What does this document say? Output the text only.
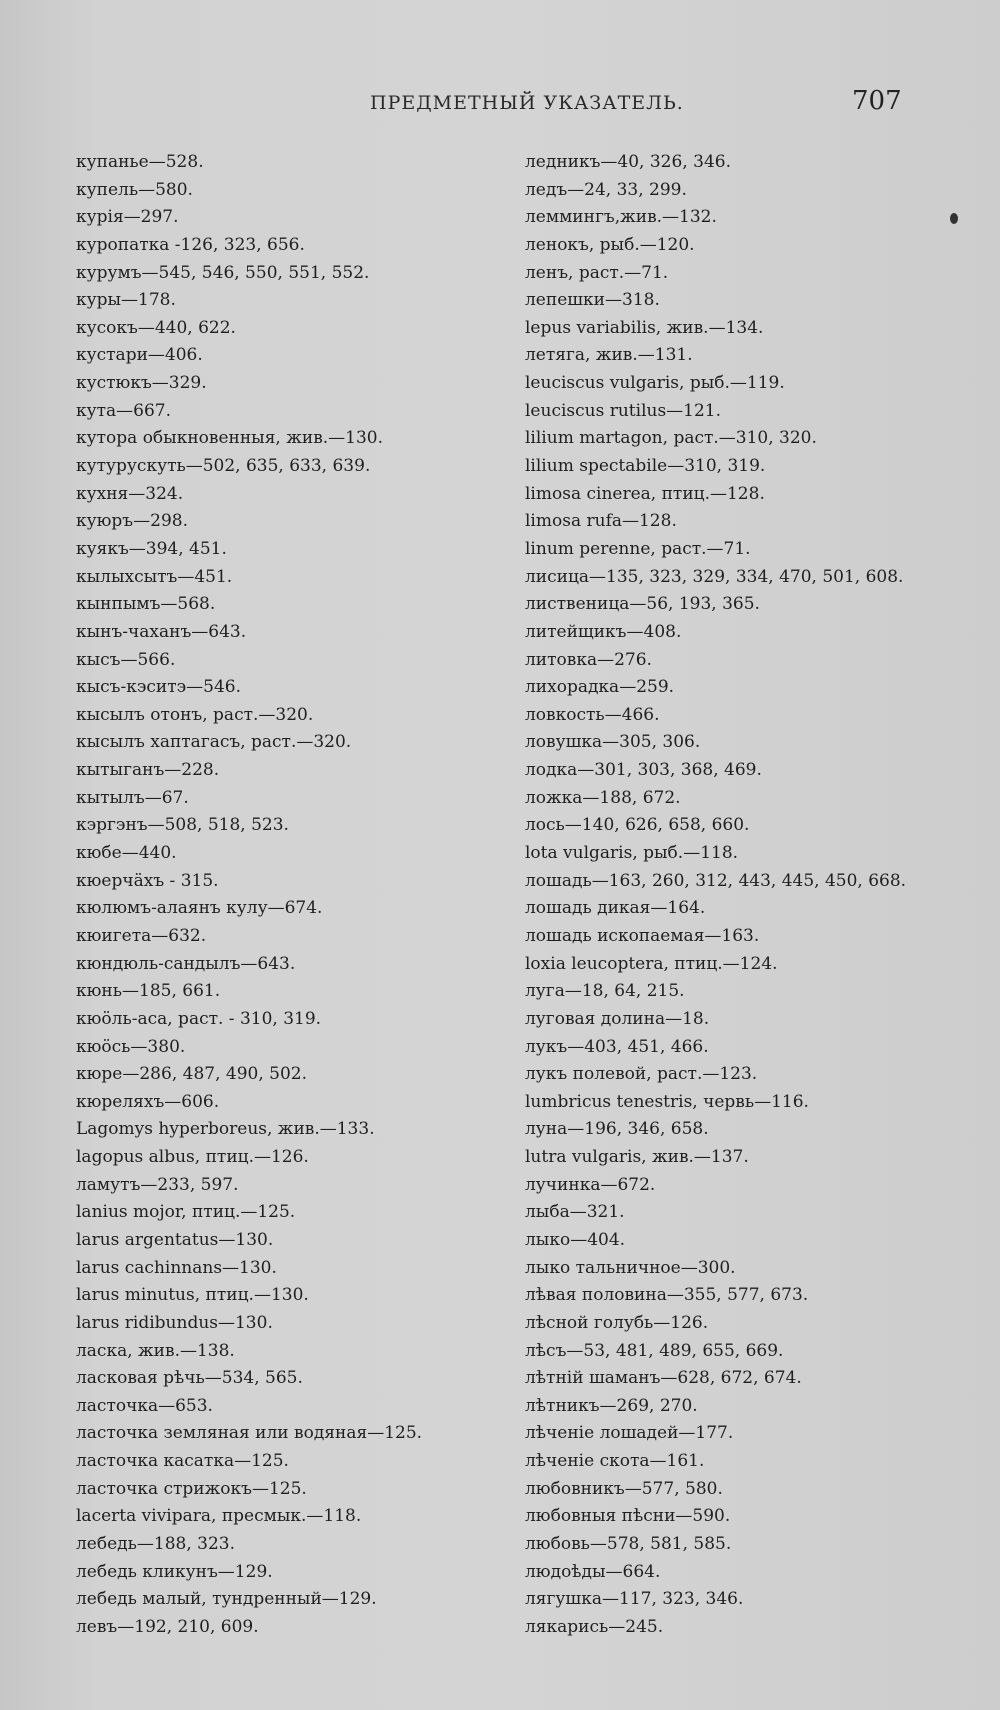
ПРЕДМЕТНЫЙ УКАЗАТЕЛЬ.	707
купанье—528.
купель—580.
курія—297.
куропатка -126, 323, 656.
курумъ—545, 546, 550, 551, 552.
куры—178.
кусокъ—440, 622.
кустари—406.
кустюкъ—329.
кута—667.
кутора обыкновенныя, жив.—130.
кутурускуть—502, 635, 633, 639.
кухня—324.
куюръ—298.
куякъ—394, 451.
кылыхсытъ—451.
кынпымъ—568.
кынъ-чаханъ—643.
кысъ—566.
кысъ-кэситэ—546.
кысылъ отонъ, раст.—320.
кысылъ хаптагасъ, раст.—320.
кытыганъ—228.
кытылъ—67.
кэргэнъ—508, 518, 523.
кюбе—440.
кюерчäхъ - 315.
кюлюмъ-алаянъ кулу—674.
кюигета—632.
кюндюль-сандылъ—643.
кюнь—185, 661.
кюöль-аса, раст. - 310, 319.
кюöсь—380.
кюре—286, 487, 490, 502.
кюреляхъ—606.
Lagomys hyperboreus, жив.—133.
lagopus albus, птиц.—126.
ламутъ—233, 597.
lanius mojor, птиц.—125.
larus argentatus—130.
larus cachinnans—130.
larus minutus, птиц.—130.
larus ridibundus—130.
ласка, жив.—138.
ласковая рѣчь—534, 565.
ласточка—653.
ласточка земляная или водяная—125.
ласточка касатка—125.
ласточка стрижокъ—125.
lacerta vivipara, пресмык.—118.
лебедь—188, 323.
лебедь кликунъ—129.
лебедь малый, тундренный—129.
левъ—192, 210, 609.
ледникъ—40, 326, 346.
ледъ—24, 33, 299.
леммингъ,жив.—132.
ленокъ, рыб.—120.
ленъ, раст.—71.
лепешки—318.
lepus variabilis, жив.—134.
летяга, жив.—131.
leuciscus vulgaris, рыб.—119.
leuciscus rutilus—121.
lilium martagon, раст.—310, 320.
lilium spectabile—310, 319.
limosa cinerea, птиц.—128.
limosa rufa—128.
linum perenne, раст.—71.
лисица—135, 323, 329, 334, 470, 501, 608.
лиственица—56, 193, 365.
литейщикъ—408.
литовка—276.
лихорадка—259.
ловкость—466.
ловушка—305, 306.
лодка—301, 303, 368, 469.
ложка—188, 672.
лось—140, 626, 658, 660.
lota vulgaris, рыб.—118.
лошадь—163, 260, 312, 443, 445, 450, 668.
лошадь дикая—164.
лошадь ископаемая—163.
loxia leucoptera, птиц.—124.
луга—18, 64, 215.
луговая долина—18.
лукъ—403, 451, 466.
лукъ полевой, раст.—123.
lumbricus tenestris, червь—116.
луна—196, 346, 658.
lutra vulgaris, жив.—137.
лучинка—672.
лыба—321.
лыко—404.
лыко тальничное—300.
лѣвая половина—355, 577, 673.
лѣсной голубь—126.
лѣсъ—53, 481, 489, 655, 669.
лѣтній шаманъ—628, 672, 674.
лѣтникъ—269, 270.
лѣченіе лошадей—177.
лѣченіе скота—161.
любовникъ—577, 580.
любовныя пѣсни—590.
любовь—578, 581, 585.
людоѣды—664.
лягушка—117, 323, 346.
лякарись—245.
